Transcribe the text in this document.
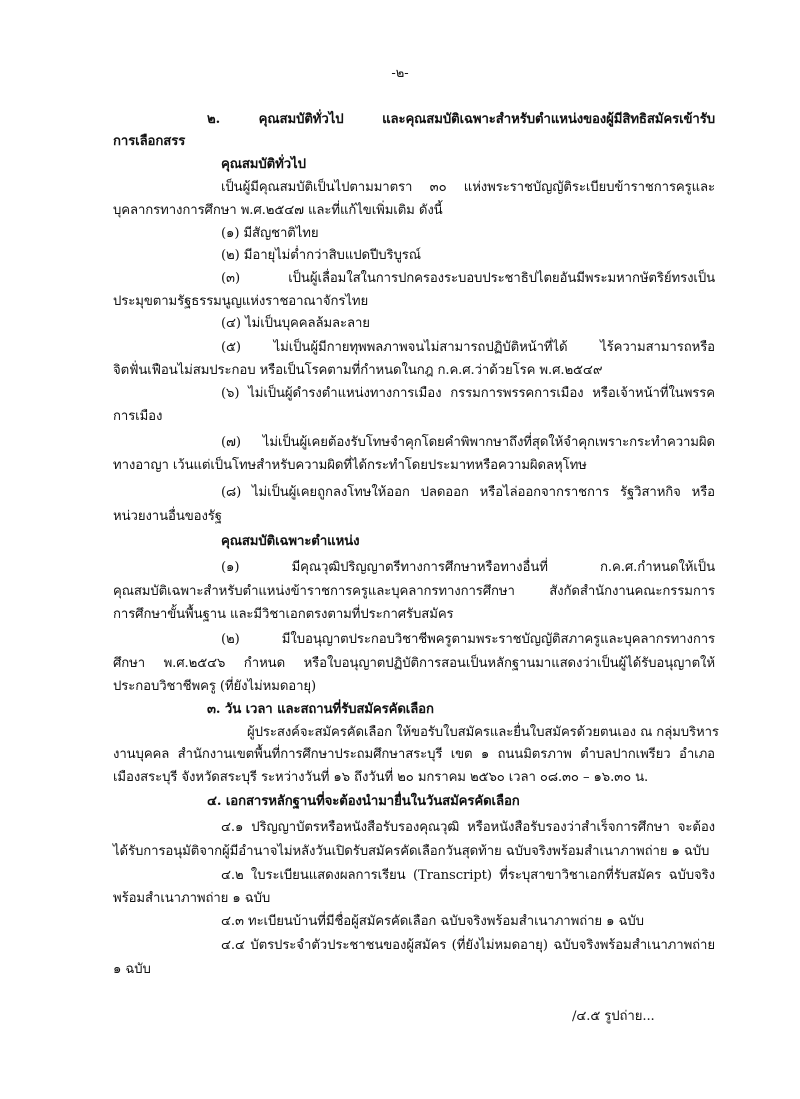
-๒-
๒. คุณสมบัติทั่วไป และคุณสมบัติเฉพาะสำหรับตำแหน่งของผู้มีสิทธิสมัครเข้ารับ
การเลือกสรร
คุณสมบัติทั่วไป
เป็นผู้มีคุณสมบัติเป็นไปตามมาตรา ๓๐ แห่งพระราชบัญญัติระเบียบข้าราชการครูและ
บุคลากรทางการศึกษา พ.ศ.๒๕๔๗ และที่แก้ไขเพิ่มเติม ดังนี้
(๑) มีสัญชาติไทย
(๒) มีอายุไม่ต่ำกว่าสิบแปดปีบริบูรณ์
(๓) เป็นผู้เลื่อมใสในการปกครองระบอบประชาธิปไตยอันมีพระมหากษัตริย์ทรงเป็น
ประมุขตามรัฐธรรมนูญแห่งราชอาณาจักรไทย
(๔) ไม่เป็นบุคคลล้มละลาย
(๕) ไม่เป็นผู้มีกายทุพพลภาพจนไม่สามารถปฏิบัติหน้าที่ได้ ไร้ความสามารถหรือ
จิตฟั่นเฟือนไม่สมประกอบ หรือเป็นโรคตามที่กำหนดในกฎ ก.ค.ศ.ว่าด้วยโรค พ.ศ.๒๕๔๙
(๖) ไม่เป็นผู้ดำรงตำแหน่งทางการเมือง กรรมการพรรคการเมือง หรือเจ้าหน้าที่ในพรรค
การเมือง
(๗) ไม่เป็นผู้เคยต้องรับโทษจำคุกโดยคำพิพากษาถึงที่สุดให้จำคุกเพราะกระทำความผิด
ทางอาญา เว้นแต่เป็นโทษสำหรับความผิดที่ได้กระทำโดยประมาทหรือความผิดลหุโทษ
(๘) ไม่เป็นผู้เคยถูกลงโทษให้ออก ปลดออก หรือไล่ออกจากราชการ รัฐวิสาหกิจ หรือ
หน่วยงานอื่นของรัฐ
คุณสมบัติเฉพาะตำแหน่ง
(๑) มีคุณวุฒิปริญญาตรีทางการศึกษาหรือทางอื่นที่ ก.ค.ศ.กำหนดให้เป็น
คุณสมบัติเฉพาะสำหรับตำแหน่งข้าราชการครูและบุคลากรทางการศึกษา สังกัดสำนักงานคณะกรรมการ
การศึกษาขั้นพื้นฐาน และมีวิชาเอกตรงตามที่ประกาศรับสมัคร
(๒) มีใบอนุญาตประกอบวิชาชีพครูตามพระราชบัญญัติสภาครูและบุคลากรทางการ
ศึกษา พ.ศ.๒๕๔๖ กำหนด หรือใบอนุญาตปฏิบัติการสอนเป็นหลักฐานมาแสดงว่าเป็นผู้ได้รับอนุญาตให้
ประกอบวิชาชีพครู (ที่ยังไม่หมดอายุ)
๓. วัน เวลา และสถานที่รับสมัครคัดเลือก
ผู้ประสงค์จะสมัครคัดเลือก ให้ขอรับใบสมัครและยื่นใบสมัครด้วยตนเอง ณ กลุ่มบริหาร
งานบุคคล สำนักงานเขตพื้นที่การศึกษาประถมศึกษาสระบุรี เขต ๑ ถนนมิตรภาพ ตำบลปากเพรียว อำเภอ
เมืองสระบุรี จังหวัดสระบุรี ระหว่างวันที่ ๑๖ ถึงวันที่ ๒๐ มกราคม ๒๕๖๐ เวลา ๐๘.๓๐ – ๑๖.๓๐ น.
๔. เอกสารหลักฐานที่จะต้องนำมายื่นในวันสมัครคัดเลือก
๔.๑ ปริญญาบัตรหรือหนังสือรับรองคุณวุฒิ หรือหนังสือรับรองว่าสำเร็จการศึกษา จะต้อง
ได้รับการอนุมัติจากผู้มีอำนาจไม่หลังวันเปิดรับสมัครคัดเลือกวันสุดท้าย ฉบับจริงพร้อมสำเนาภาพถ่าย ๑ ฉบับ
๔.๒ ใบระเบียนแสดงผลการเรียน (Transcript) ที่ระบุสาขาวิชาเอกที่รับสมัคร ฉบับจริง
พร้อมสำเนาภาพถ่าย ๑ ฉบับ
๔.๓ ทะเบียนบ้านที่มีชื่อผู้สมัครคัดเลือก ฉบับจริงพร้อมสำเนาภาพถ่าย ๑ ฉบับ
๔.๔ บัตรประจำตัวประชาชนของผู้สมัคร (ที่ยังไม่หมดอายุ) ฉบับจริงพร้อมสำเนาภาพถ่าย
๑ ฉบับ
/๔.๕ รูปถ่าย...
